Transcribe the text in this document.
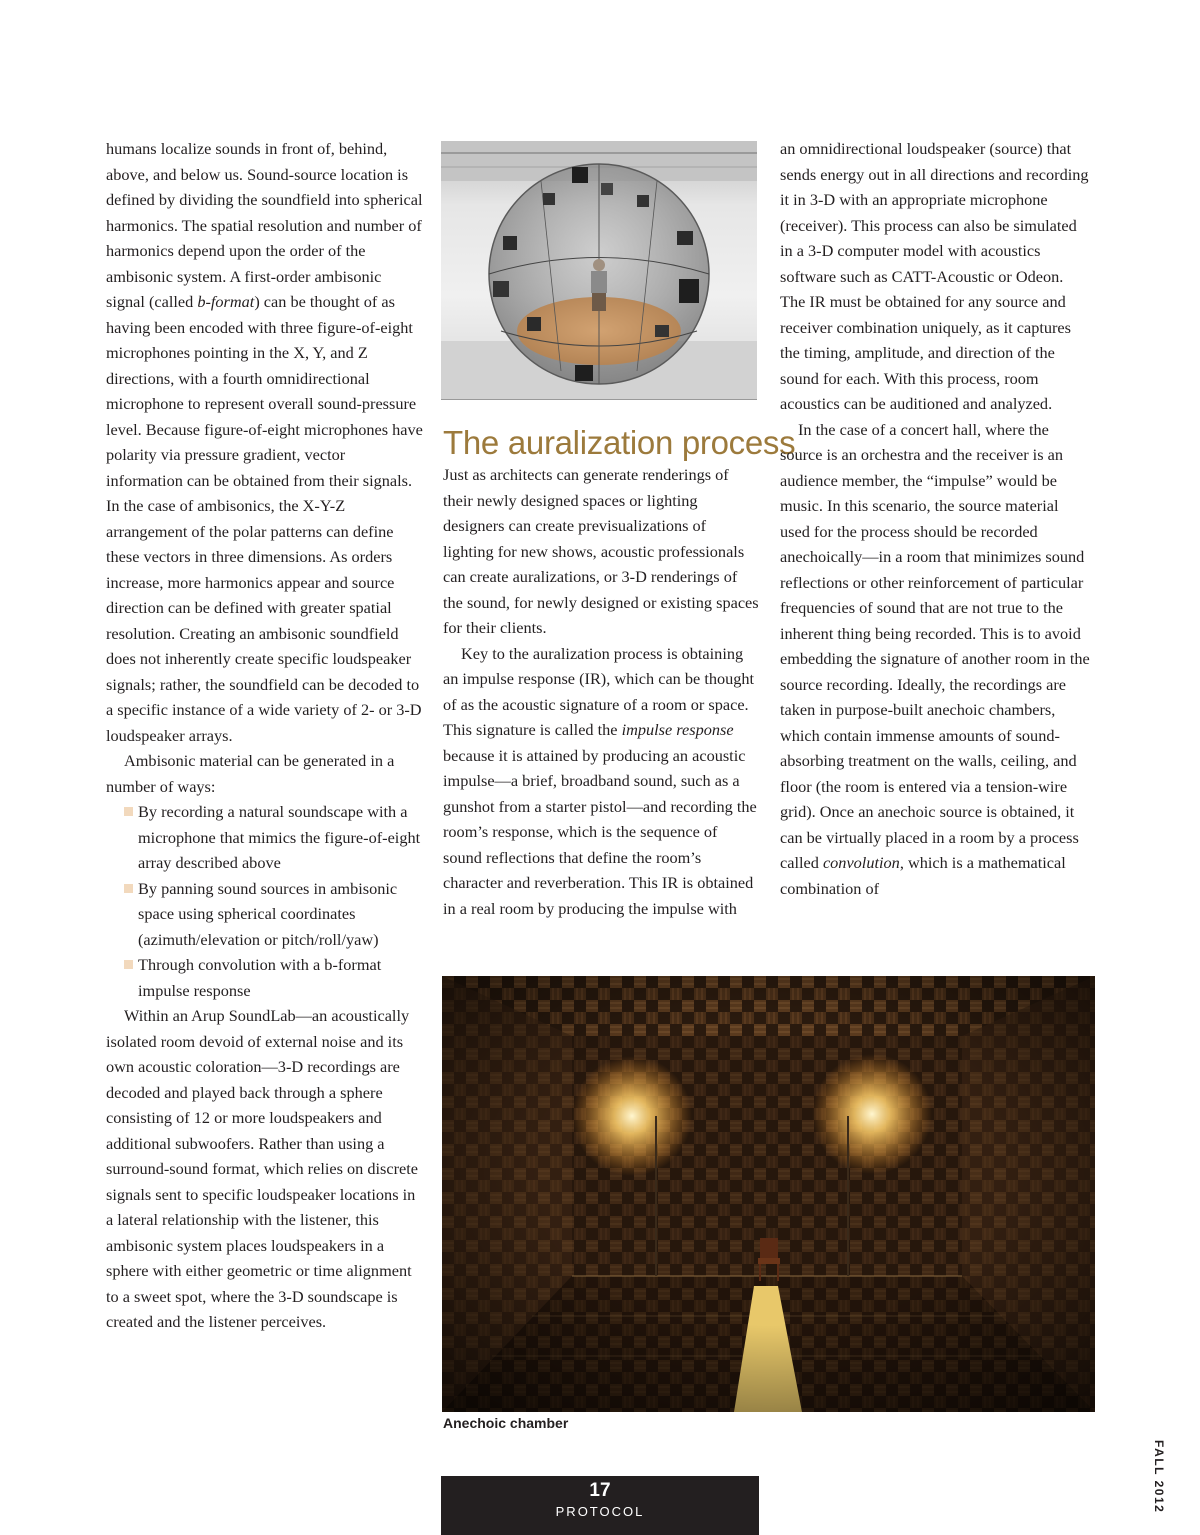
humans localize sounds in front of, behind, above, and below us. Sound-source location is defined by dividing the soundfield into spherical harmonics. The spatial resolution and number of harmonics depend upon the order of the ambisonic system. A first-order ambisonic signal (called b-format) can be thought of as having been encoded with three figure-of-eight microphones pointing in the X, Y, and Z directions, with a fourth omnidirectional microphone to represent overall sound-pressure level. Because figure-of-eight microphones have polarity via pressure gradient, vector information can be obtained from their signals. In the case of ambisonics, the X-Y-Z arrangement of the polar patterns can define these vectors in three dimensions. As orders increase, more harmonics appear and source direction can be defined with greater spatial resolution. Creating an ambisonic soundfield does not inherently create specific loudspeaker signals; rather, the soundfield can be decoded to a specific instance of a wide variety of 2- or 3-D loudspeaker arrays.

Ambisonic material can be generated in a number of ways:

By recording a natural soundscape with a microphone that mimics the figure-of-eight array described above
By panning sound sources in ambisonic space using spherical coordinates (azimuth/elevation or pitch/roll/yaw)
Through convolution with a b-format impulse response

Within an Arup SoundLab—an acoustically isolated room devoid of external noise and its own acoustic coloration—3-D recordings are decoded and played back through a sphere consisting of 12 or more loudspeakers and additional subwoofers. Rather than using a surround-sound format, which relies on discrete signals sent to specific loudspeaker locations in a lateral relationship with the listener, this ambisonic system places loudspeakers in a sphere with either geometric or time alignment to a sweet spot, where the 3-D soundscape is created and the listener perceives.

The auralization process

Just as architects can generate renderings of their newly designed spaces or lighting designers can create previsualizations of lighting for new shows, acoustic professionals can create auralizations, or 3-D renderings of the sound, for newly designed or existing spaces for their clients.

Key to the auralization process is obtaining an impulse response (IR), which can be thought of as the acoustic signature of a room or space. This signature is called the impulse response because it is attained by producing an acoustic impulse—a brief, broadband sound, such as a gunshot from a starter pistol—and recording the room’s response, which is the sequence of sound reflections that define the room’s character and reverberation. This IR is obtained in a real room by producing the impulse with

an omnidirectional loudspeaker (source) that sends energy out in all directions and recording it in 3-D with an appropriate microphone (receiver). This process can also be simulated in a 3-D computer model with acoustics software such as CATT-Acoustic or Odeon. The IR must be obtained for any source and receiver combination uniquely, as it captures the timing, amplitude, and direction of the sound for each. With this process, room acoustics can be auditioned and analyzed.

In the case of a concert hall, where the source is an orchestra and the receiver is an audience member, the “impulse” would be music. In this scenario, the source material used for the process should be recorded anechoically—in a room that minimizes sound reflections or other reinforcement of particular frequencies of sound that are not true to the inherent thing being recorded. This is to avoid embedding the signature of another room in the source recording. Ideally, the recordings are taken in purpose-built anechoic chambers, which contain immense amounts of sound-absorbing treatment on the walls, ceiling, and floor (the room is entered via a tension-wire grid). Once an anechoic source is obtained, it can be virtually placed in a room by a process called convolution, which is a mathematical combination of

Anechoic chamber
17
PROTOCOL	FALL 2012
